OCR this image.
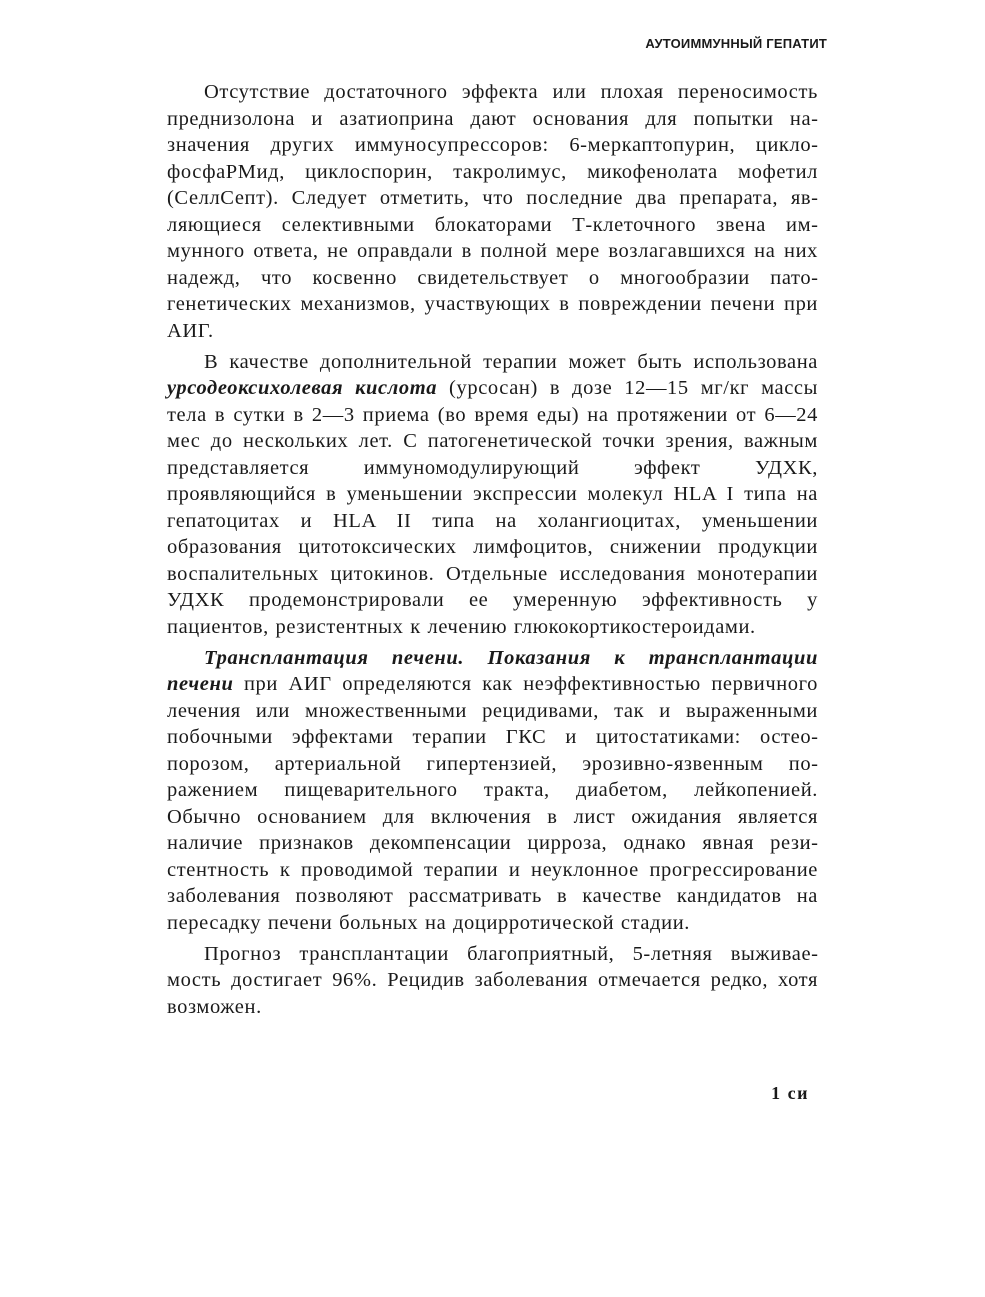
АУТОИММУННЫЙ ГЕПАТИТ

Отсутствие достаточного эффекта или плохая переносимость преднизолона и азатиоприна дают основания для попытки назначения других иммуносупрессоров: 6-меркаптопурин, циклофосфаРМид, циклоспорин, такролимус, микофенолата мофетил (СеллСепт). Следует отметить, что последние два препарата, являющиеся селективными блокаторами Т-клеточного звена иммунного ответа, не оправдали в полной мере возлагавшихся на них надежд, что косвенно свидетельствует о многообразии патогенетических механизмов, участвующих в повреждении печени при АИГ.

В качестве дополнительной терапии может быть использована урсодеоксихолевая кислота (урсосан) в дозе 12—15 мг/кг массы тела в сутки в 2—3 приема (во время еды) на протяжении от 6—24 мес до нескольких лет. С патогенетической точки зрения, важным представляется иммуномодулирующий эффект УДХК, проявляющийся в уменьшении экспрессии молекул HLA I типа на гепатоцитах и HLA II типа на холангиоцитах, уменьшении образования цитотоксических лимфоцитов, снижении продукции воспалительных цитокинов. Отдельные исследования монотерапии УДХК продемонстрировали ее умеренную эффективность у пациентов, резистентных к лечению глюкокортикостероидами.

Трансплантация печени. Показания к трансплантации печени при АИГ определяются как неэффективностью первичного лечения или множественными рецидивами, так и выраженными побочными эффектами терапии ГКС и цитостатиками: остеопорозом, артериальной гипертензией, эрозивно-язвенным поражением пищеварительного тракта, диабетом, лейкопенией. Обычно основанием для включения в лист ожидания является наличие признаков декомпенсации цирроза, однако явная резистентность к проводимой терапии и неуклонное прогрессирование заболевания позволяют рассматривать в качестве кандидатов на пересадку печени больных на доцирротической стадии.

Прогноз трансплантации благоприятный, 5-летняя выживаемость достигает 96%. Рецидив заболевания отмечается редко, хотя возможен.

1 си
